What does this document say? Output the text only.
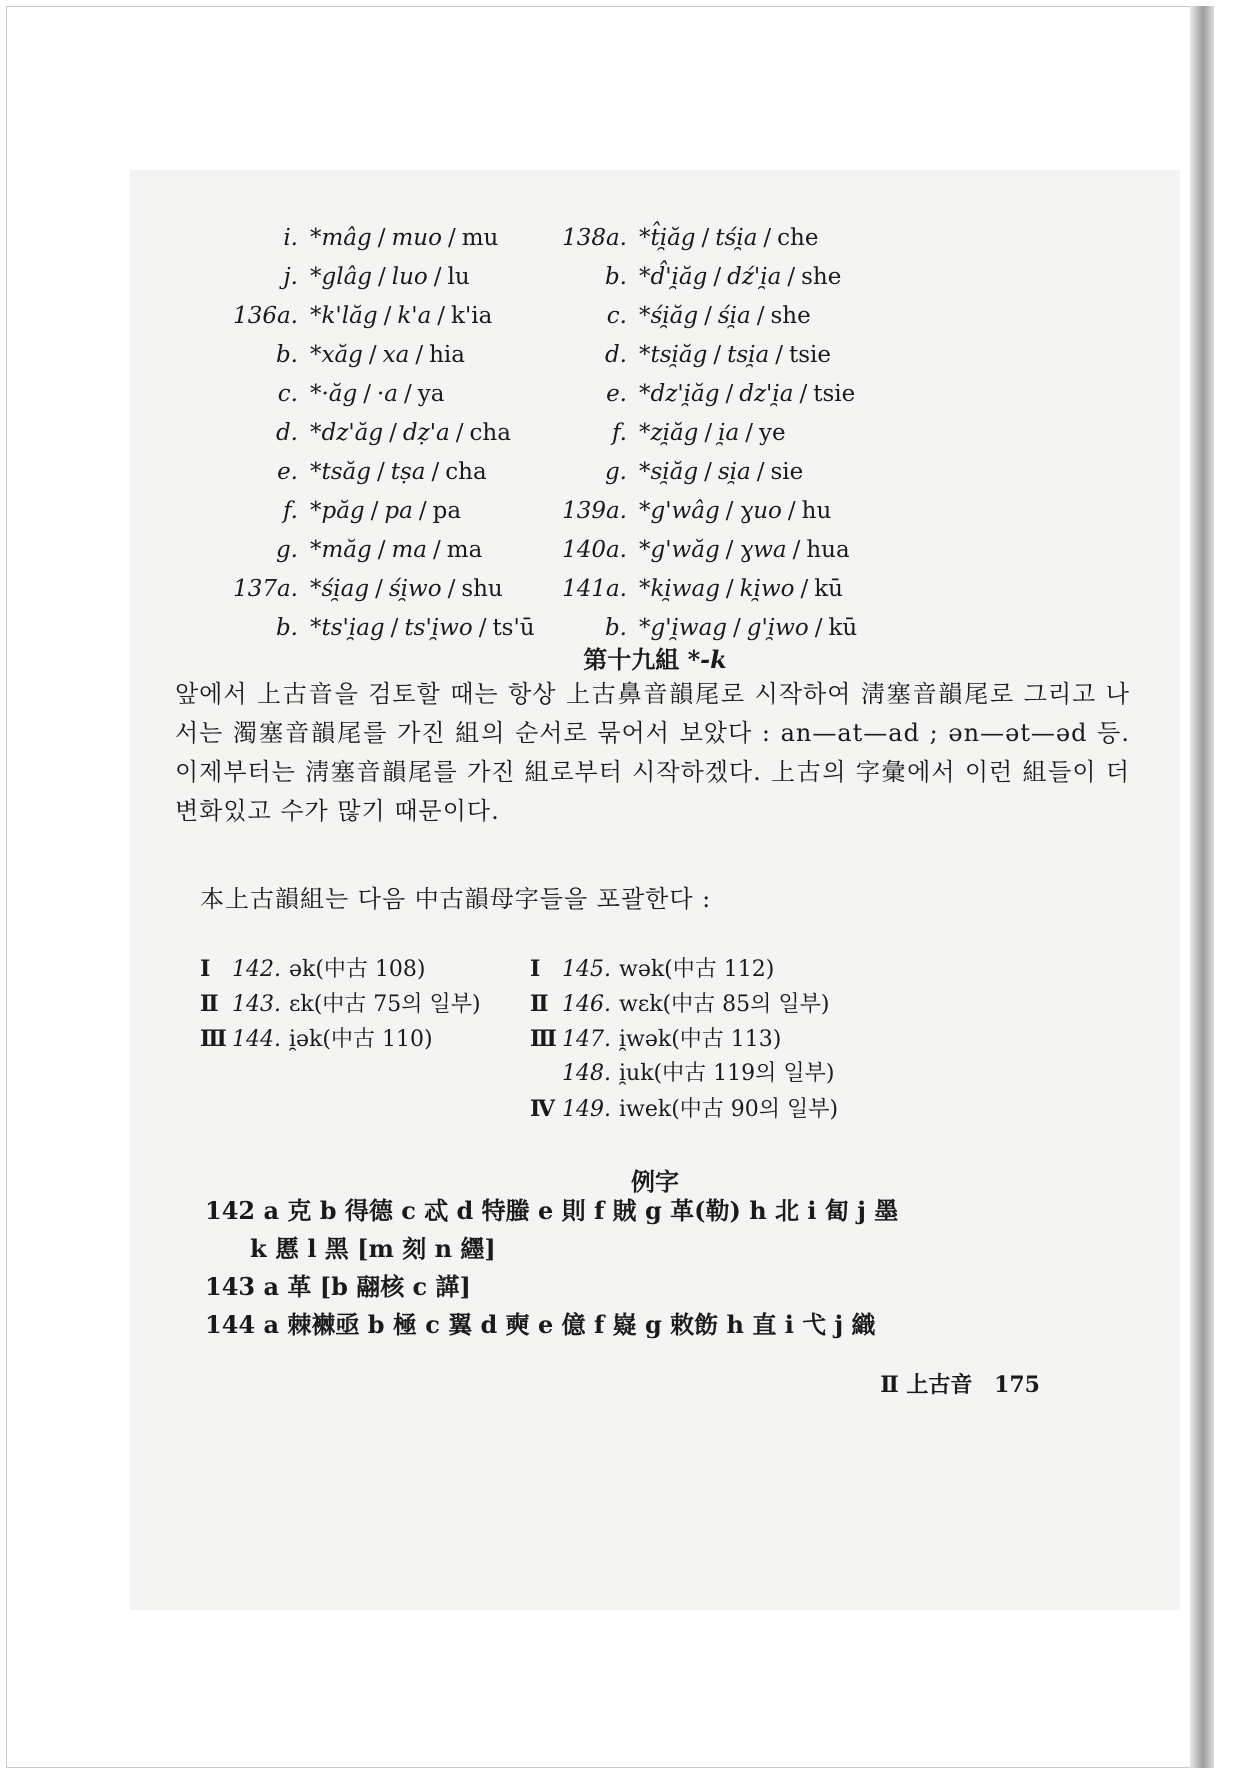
i. *mâg / muo / mu
j. *glâg / luo / lu
136a. *k'lăg / k'a / k'ia
b. *xăg / xa / hia
c. *·ăg / ·a / ya
d. *dz'ăg / dẓ'a / cha
e. *tsăg / tṣa / cha
f. *păg / pa / pa
g. *măg / ma / ma
137a. *śi̯ag / śi̯wo / shu
b. *ts'i̯ag / ts'i̯wo / ts'ū
138a. *t̂i̯ăg / tśi̯a / che
b. *d̂'i̯ăg / dź'i̯a / she
c. *śi̯ăg / śi̯a / she
d. *tsi̯ăg / tsi̯a / tsie
e. *dz'i̯ăg / dz'i̯a / tsie
f. *zi̯ăg / i̯a / ye
g. *si̯ăg / si̯a / sie
139a. *g'wâg / ɣuo / hu
140a. *g'wăg / ɣwa / hua
141a. *ki̯wag / ki̯wo / kū
b. *g'i̯wag / g'i̯wo / kū
第十九組 *-k
앞에서 上古音을 검토할 때는 항상 上古鼻音韻尾로 시작하여 淸塞音韻尾로 그리고 나서는 濁塞音韻尾를 가진 組의 순서로 묶어서 보았다 : an—at—ad ; ən—ət—əd 등. 이제부터는 淸塞音韻尾를 가진 組로부터 시작하겠다. 上古의 字彙에서 이런 組들이 더 변화있고 수가 많기 때문이다.
本上古韻組는 다음 中古韻母字들을 포괄한다 :
Ⅰ 142. ək(中古 108)
Ⅱ 143. ɛk(中古 75의 일부)
Ⅲ 144. i̯ək(中古 110)
Ⅰ 145. wək(中古 112)
Ⅱ 146. wɛk(中古 85의 일부)
Ⅲ 147. i̯wək(中古 113)
148. i̯uk(中古 119의 일부)
Ⅳ 149. iwek(中古 90의 일부)
例字
142 a 克 b 得德 c 忒 d 特螣 e 則 f 賊 g 革(勒) h 北 i 匐 j 墨
k 慝 l 黑 [m 刻 n 纆]
143 a 革 [b 翮核 c 諽]
144 a 棘襋亟 b 極 c 翼 d 奭 e 億 f 嶷 g 敕飭 h 直 i 弋 j 織
Ⅱ 上古音 175
